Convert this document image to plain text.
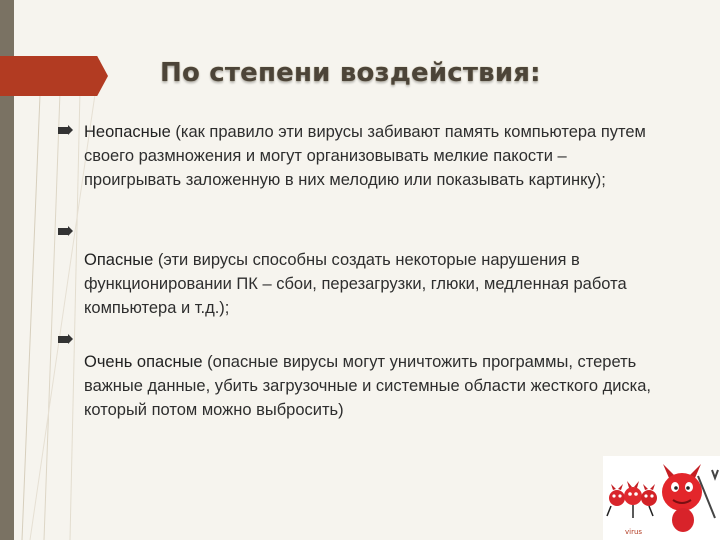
По степени воздействия:
Неопасные (как правило эти вирусы забивают память компьютера путем своего размножения и могут организовывать мелкие пакости – проигрывать заложенную в них мелодию или показывать картинку);
Опасные (эти вирусы способны создать некоторые нарушения в функционировании ПК – сбои, перезагрузки, глюки, медленная работа компьютера и т.д.);
Очень опасные (опасные вирусы могут уничтожить программы, стереть важные данные, убить загрузочные и системные области жесткого диска, который потом можно выбросить)
virus
